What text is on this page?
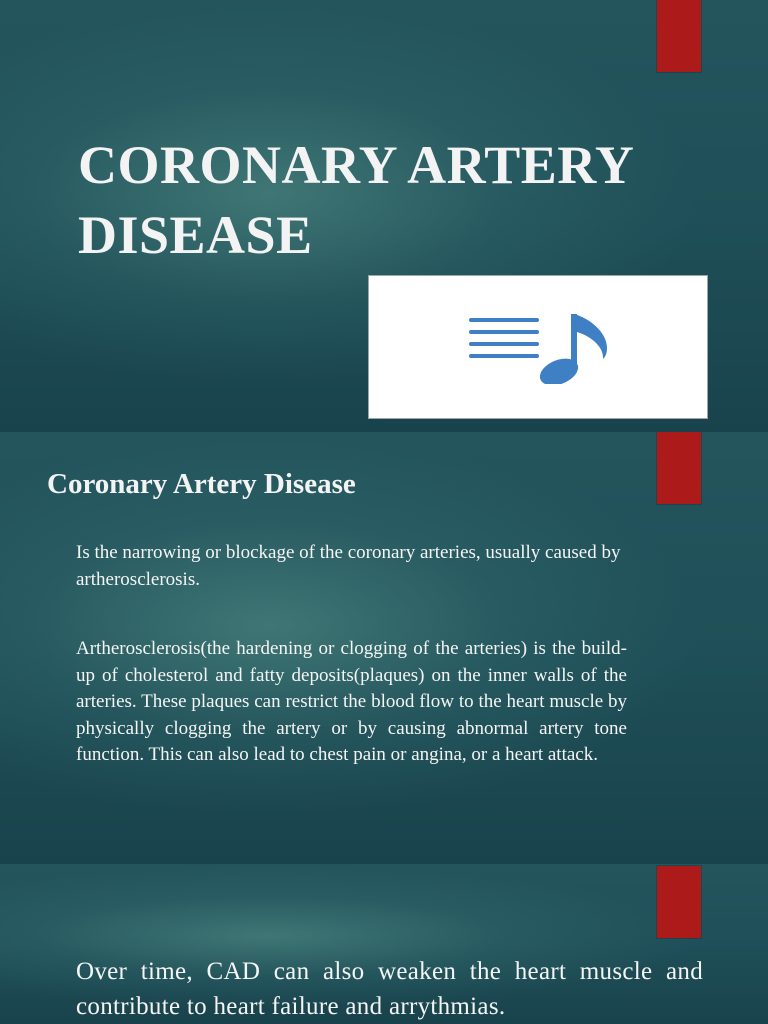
CORONARY ARTERY DISEASE
Coronary Artery Disease

Is the narrowing or blockage of the coronary arteries, usually caused by artherosclerosis.

Artherosclerosis(the hardening or clogging of the arteries) is the build-up of cholesterol and fatty deposits(plaques) on the inner walls of the arteries. These plaques can restrict the blood flow to the heart muscle by physically clogging the artery or by causing abnormal artery tone function. This can also lead to chest pain or angina, or a heart attack.

Over time, CAD can also weaken the heart muscle and contribute to heart failure and arrythmias.
